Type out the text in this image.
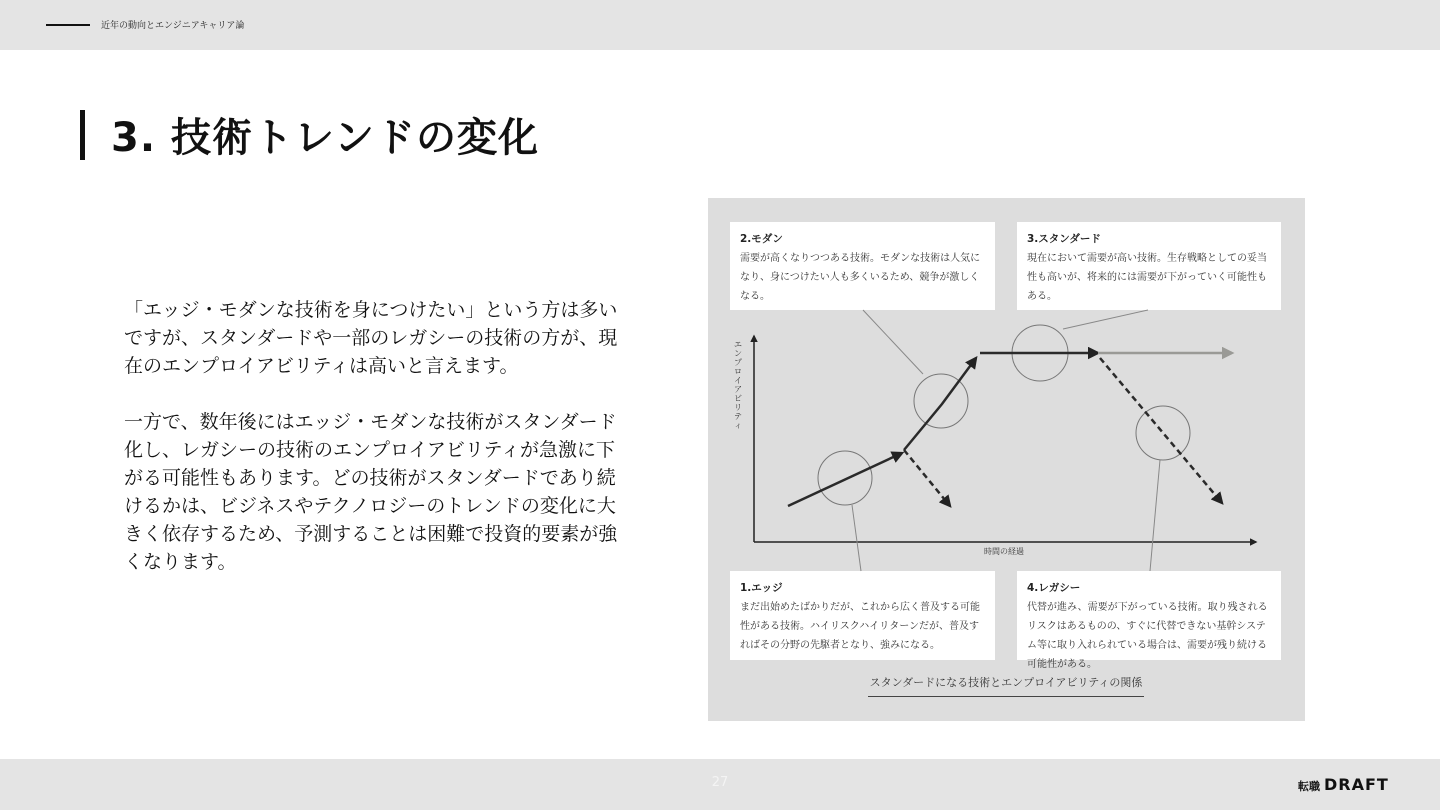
近年の動向とエンジニアキャリア論
3. 技術トレンドの変化

「エッジ・モダンな技術を身につけたい」という方は多いですが、スタンダードや一部のレガシーの技術の方が、現在のエンプロイアビリティは高いと言えます。

一方で、数年後にはエッジ・モダンな技術がスタンダード化し、レガシーの技術のエンプロイアビリティが急激に下がる可能性もあります。どの技術がスタンダードであり続けるかは、ビジネスやテクノロジーのトレンドの変化に大きく依存するため、予測することは困難で投資的要素が強くなります。

2.モダン
需要が高くなりつつある技術。モダンな技術は人気になり、身につけたい人も多くいるため、競争が激しくなる。
3.スタンダード
現在において需要が高い技術。生存戦略としての妥当性も高いが、将来的には需要が下がっていく可能性もある。
1.エッジ
まだ出始めたばかりだが、これから広く普及する可能性がある技術。ハイリスクハイリターンだが、普及すればその分野の先駆者となり、強みになる。
4.レガシー
代替が進み、需要が下がっている技術。取り残されるリスクはあるものの、すぐに代替できない基幹システム等に取り入れられている場合は、需要が残り続ける可能性がある。
エンプロイアビリティ
時間の経過
スタンダードになる技術とエンプロイアビリティの関係
27	転職 DRAFT
